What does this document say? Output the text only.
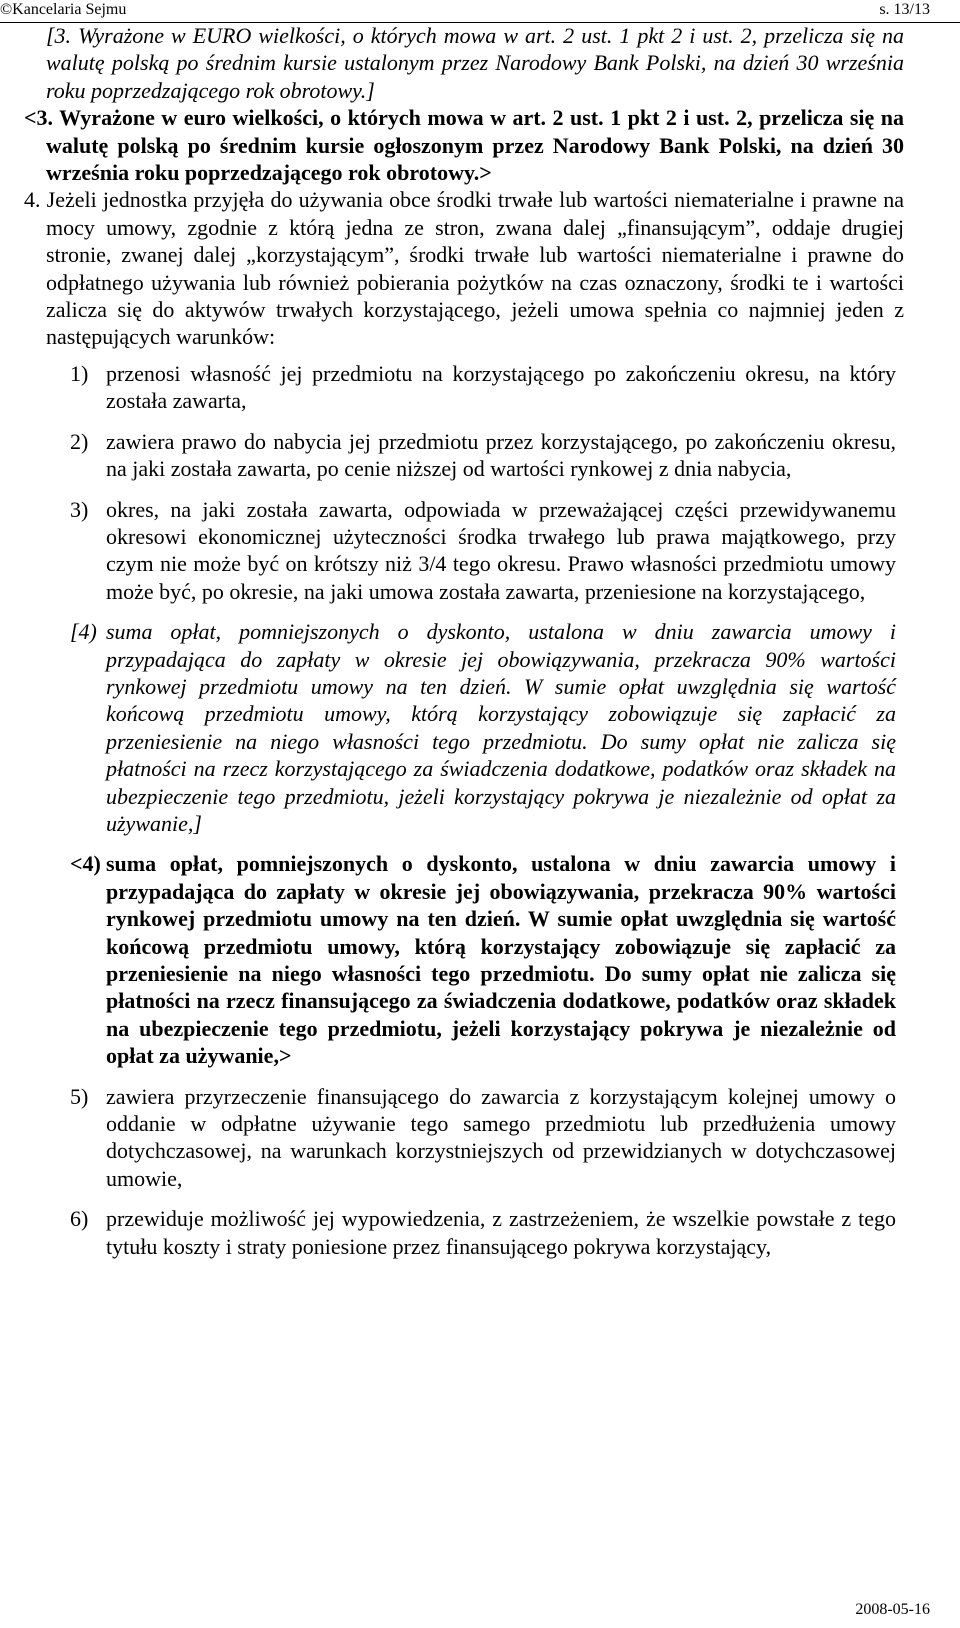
©Kancelaria Sejmu	s. 13/13

[3. Wyrażone w EURO wielkości, o których mowa w art. 2 ust. 1 pkt 2 i ust. 2, przelicza się na walutę polską po średnim kursie ustalonym przez Narodowy Bank Polski, na dzień 30 września roku poprzedzającego rok obrotowy.]

<3. Wyrażone w euro wielkości, o których mowa w art. 2 ust. 1 pkt 2 i ust. 2, przelicza się na walutę polską po średnim kursie ogłoszonym przez Narodowy Bank Polski, na dzień 30 września roku poprzedzającego rok obrotowy.>

4. Jeżeli jednostka przyjęła do używania obce środki trwałe lub wartości niematerialne i prawne na mocy umowy, zgodnie z którą jedna ze stron, zwana dalej „finansującym”, oddaje drugiej stronie, zwanej dalej „korzystającym”, środki trwałe lub wartości niematerialne i prawne do odpłatnego używania lub również pobierania pożytków na czas oznaczony, środki te i wartości zalicza się do aktywów trwałych korzystającego, jeżeli umowa spełnia co najmniej jeden z następujących warunków:

1) przenosi własność jej przedmiotu na korzystającego po zakończeniu okresu, na który została zawarta,
2) zawiera prawo do nabycia jej przedmiotu przez korzystającego, po zakończeniu okresu, na jaki została zawarta, po cenie niższej od wartości rynkowej z dnia nabycia,
3) okres, na jaki została zawarta, odpowiada w przeważającej części przewidywanemu okresowi ekonomicznej użyteczności środka trwałego lub prawa majątkowego, przy czym nie może być on krótszy niż 3/4 tego okresu. Prawo własności przedmiotu umowy może być, po okresie, na jaki umowa została zawarta, przeniesione na korzystającego,
[4) suma opłat, pomniejszonych o dyskonto, ustalona w dniu zawarcia umowy i przypadająca do zapłaty w okresie jej obowiązywania, przekracza 90% wartości rynkowej przedmiotu umowy na ten dzień. W sumie opłat uwzględnia się wartość końcową przedmiotu umowy, którą korzystający zobowiązuje się zapłacić za przeniesienie na niego własności tego przedmiotu. Do sumy opłat nie zalicza się płatności na rzecz korzystającego za świadczenia dodatkowe, podatków oraz składek na ubezpieczenie tego przedmiotu, jeżeli korzystający pokrywa je niezależnie od opłat za używanie,]
<4) suma opłat, pomniejszonych o dyskonto, ustalona w dniu zawarcia umowy i przypadająca do zapłaty w okresie jej obowiązywania, przekracza 90% wartości rynkowej przedmiotu umowy na ten dzień. W sumie opłat uwzględnia się wartość końcową przedmiotu umowy, którą korzystający zobowiązuje się zapłacić za przeniesienie na niego własności tego przedmiotu. Do sumy opłat nie zalicza się płatności na rzecz finansującego za świadczenia dodatkowe, podatków oraz składek na ubezpieczenie tego przedmiotu, jeżeli korzystający pokrywa je niezależnie od opłat za używanie,>
5) zawiera przyrzeczenie finansującego do zawarcia z korzystającym kolejnej umowy o oddanie w odpłatne używanie tego samego przedmiotu lub przedłużenia umowy dotychczasowej, na warunkach korzystniejszych od przewidzianych w dotychczasowej umowie,
6) przewiduje możliwość jej wypowiedzenia, z zastrzeżeniem, że wszelkie powstałe z tego tytułu koszty i straty poniesione przez finansującego pokrywa korzystający,
2008-05-16
